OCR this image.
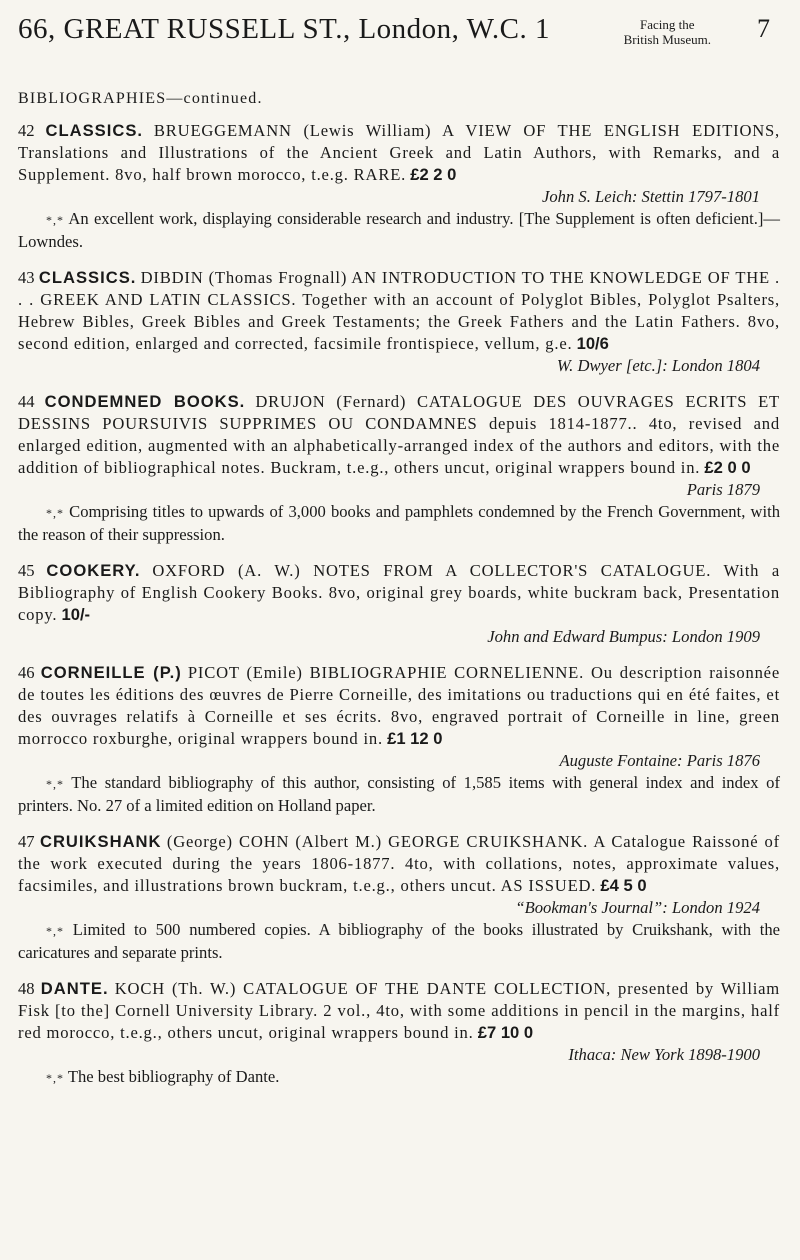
66, GREAT RUSSELL ST., London, W.C. 1	Facing the
British Museum. 7
BIBLIOGRAPHIES—continued.

42 CLASSICS. BRUEGGEMANN (Lewis William) A VIEW OF THE ENGLISH EDITIONS, Translations and Illustrations of the Ancient Greek and Latin Authors, with Remarks, and a Supplement. 8vo, half brown morocco, t.e.g. RARE. £2 2 0

John S. Leich: Stettin 1797-1801

*,* An excellent work, displaying considerable research and industry. [The Supplement is often deficient.]—Lowndes.

43 CLASSICS. DIBDIN (Thomas Frognall) AN INTRODUCTION TO THE KNOWLEDGE OF THE . . . GREEK AND LATIN CLASSICS. Together with an account of Polyglot Bibles, Polyglot Psalters, Hebrew Bibles, Greek Bibles and Greek Testaments; the Greek Fathers and the Latin Fathers. 8vo, second edition, enlarged and corrected, facsimile frontispiece, vellum, g.e. 10/6

W. Dwyer [etc.]: London 1804

44 CONDEMNED BOOKS. DRUJON (Fernard) CATALOGUE DES OUVRAGES ECRITS ET DESSINS POURSUIVIS SUPPRIMES OU CONDAMNES depuis 1814-1877.. 4to, revised and enlarged edition, augmented with an alphabetically-arranged index of the authors and editors, with the addition of bibliographical notes. Buckram, t.e.g., others uncut, original wrappers bound in. £2 0 0

Paris 1879

*,* Comprising titles to upwards of 3,000 books and pamphlets condemned by the French Government, with the reason of their suppression.

45 COOKERY. OXFORD (A. W.) NOTES FROM A COLLECTOR'S CATALOGUE. With a Bibliography of English Cookery Books. 8vo, original grey boards, white buckram back, Presentation copy. 10/-

John and Edward Bumpus: London 1909

46 CORNEILLE (P.) PICOT (Emile) BIBLIOGRAPHIE CORNELIENNE. Ou description raisonnée de toutes les éditions des œuvres de Pierre Corneille, des imitations ou traductions qui en été faites, et des ouvrages relatifs à Corneille et ses écrits. 8vo, engraved portrait of Corneille in line, green morrocco roxburghe, original wrappers bound in. £1 12 0

Auguste Fontaine: Paris 1876

*,* The standard bibliography of this author, consisting of 1,585 items with general index and index of printers. No. 27 of a limited edition on Holland paper.

47 CRUIKSHANK (George) COHN (Albert M.) GEORGE CRUIKSHANK. A Catalogue Raissoné of the work executed during the years 1806-1877. 4to, with collations, notes, approximate values, facsimiles, and illustrations brown buckram, t.e.g., others uncut. AS ISSUED. £4 5 0

“Bookman's Journal”: London 1924

*,* Limited to 500 numbered copies. A bibliography of the books illustrated by Cruikshank, with the caricatures and separate prints.

48 DANTE. KOCH (Th. W.) CATALOGUE OF THE DANTE COLLECTION, presented by William Fisk [to the] Cornell University Library. 2 vol., 4to, with some additions in pencil in the margins, half red morocco, t.e.g., others uncut, original wrappers bound in. £7 10 0

Ithaca: New York 1898-1900

*,* The best bibliography of Dante.
